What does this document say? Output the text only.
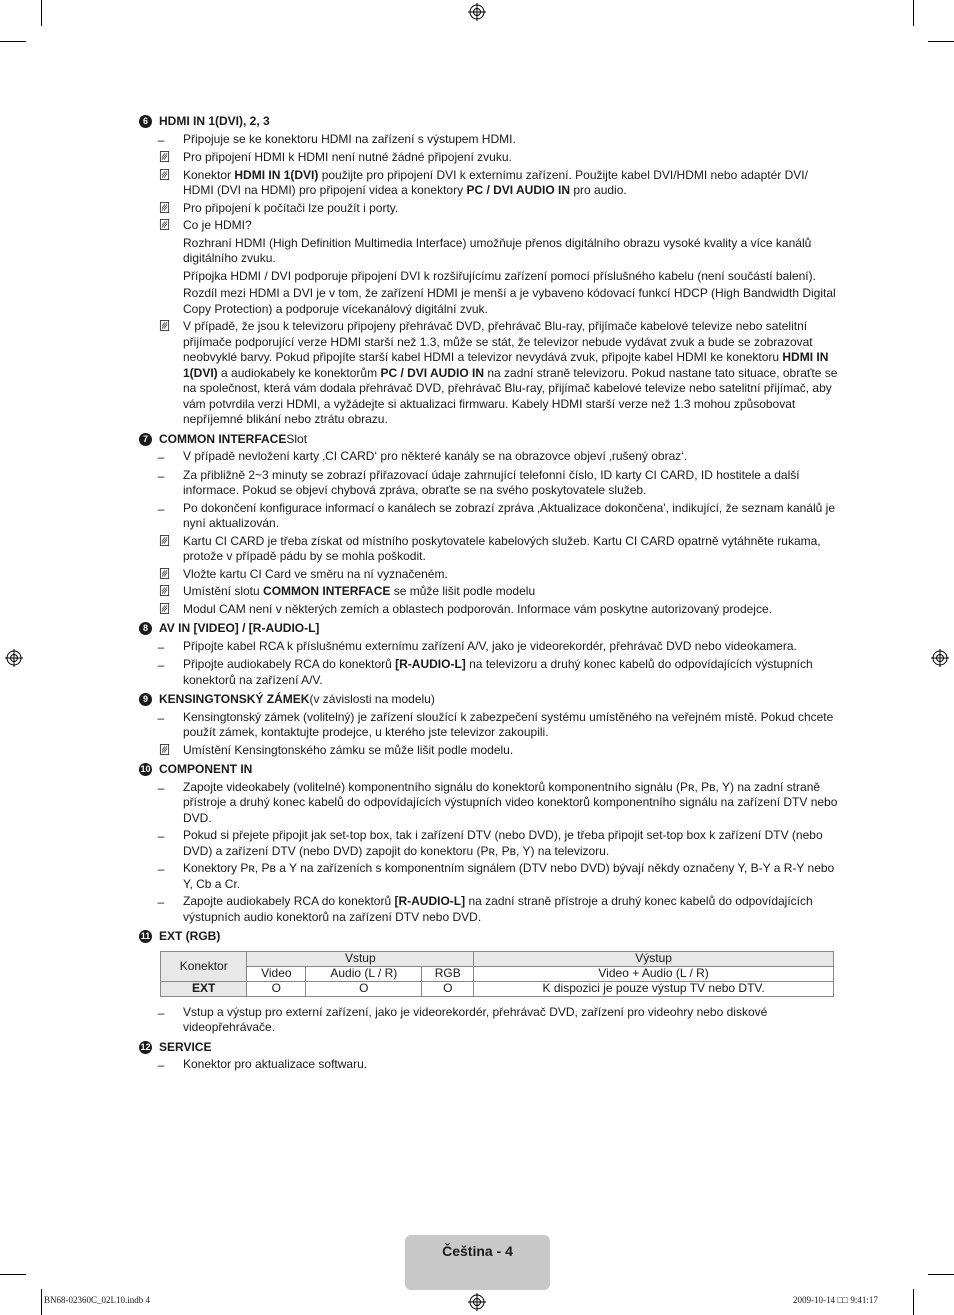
6 HDMI IN 1(DVI), 2, 3
–	Připojuje se ke konektoru HDMI na zařízení s výstupem HDMI.
Pro připojení HDMI k HDMI není nutné žádné připojení zvuku.
Konektor HDMI IN 1(DVI) použijte pro připojení DVI k externímu zařízení. Použijte kabel DVI/HDMI nebo adaptér DVI/ HDMI (DVI na HDMI) pro připojení videa a konektory PC / DVI AUDIO IN pro audio.
Pro připojení k počítači lze použít i porty.
Co je HDMI?
Rozhraní HDMI (High Definition Multimedia Interface) umožňuje přenos digitálního obrazu vysoké kvality a více kanálů digitálního zvuku.
Přípojka HDMI / DVI podporuje připojení DVI k rozšiřujícímu zařízení pomocí příslušného kabelu (není součástí balení).
Rozdíl mezi HDMI a DVI je v tom, že zařízení HDMI je menší a je vybaveno kódovací funkcí HDCP (High Bandwidth Digital Copy Protection) a podporuje vícekanálový digitální zvuk.
V případě, že jsou k televizoru připojeny přehrávač DVD, přehrávač Blu-ray, přijímače kabelové televize nebo satelitní přijímače podporující verze HDMI starší než 1.3, může se stát, že televizor nebude vydávat zvuk a bude se zobrazovat neobvyklé barvy. Pokud připojíte starší kabel HDMI a televizor nevydává zvuk, připojte kabel HDMI ke konektoru HDMI IN 1(DVI) a audiokabely ke konektorům PC / DVI AUDIO IN na zadní straně televizoru. Pokud nastane tato situace, obraťte se na společnost, která vám dodala přehrávač DVD, přehrávač Blu-ray, přijímač kabelové televize nebo satelitní přijímač, aby vám potvrdila verzi HDMI, a vyžádejte si aktualizaci firmwaru. Kabely HDMI starší verze než 1.3 mohou způsobovat nepříjemné blikání nebo ztrátu obrazu.
7 COMMON INTERFACE Slot
–	V případě nevložení karty ‚CI CARD‘ pro některé kanály se na obrazovce objeví ‚rušený obraz‘.
–	Za přibližně 2~3 minuty se zobrazí přiřazovací údaje zahrnující telefonní číslo, ID karty CI CARD, ID hostitele a další informace. Pokud se objeví chybová zpráva, obraťte se na svého poskytovatele služeb.
–	Po dokončení konfigurace informací o kanálech se zobrazí zpráva ‚Aktualizace dokončena', indikující, že seznam kanálů je nyní aktualizován.
Kartu CI CARD je třeba získat od místního poskytovatele kabelových služeb. Kartu CI CARD opatrně vytáhněte rukama, protože v případě pádu by se mohla poškodit.
Vložte kartu CI Card ve směru na ní vyznačeném.
Umístění slotu COMMON INTERFACE se může lišit podle modelu
Modul CAM není v některých zemích a oblastech podporován. Informace vám poskytne autorizovaný prodejce.
8 AV IN [VIDEO] / [R-AUDIO-L]
–	Připojte kabel RCA k příslušnému externímu zařízení A/V, jako je videorekordér, přehrávač DVD nebo videokamera.
–	Připojte audiokabely RCA do konektorů [R-AUDIO-L] na televizoru a druhý konec kabelů do odpovídajících výstupních konektorů na zařízení A/V.
9 KENSINGTONSKÝ ZÁMEK (v závislosti na modelu)
–	Kensingtonský zámek (volitelný) je zařízení sloužící k zabezpečení systému umístěného na veřejném místě. Pokud chcete použít zámek, kontaktujte prodejce, u kterého jste televizor zakoupili.
Umístění Kensingtonského zámku se může lišit podle modelu.
10 COMPONENT IN
–	Zapojte videokabely (volitelné) komponentního signálu do konektorů komponentního signálu (Pʀ, Pʙ, Y) na zadní straně přístroje a druhý konec kabelů do odpovídajících výstupních video konektorů komponentního signálu na zařízení DTV nebo DVD.
–	Pokud si přejete připojit jak set-top box, tak i zařízení DTV (nebo DVD), je třeba připojit set-top box k zařízení DTV (nebo DVD) a zařízení DTV (nebo DVD) zapojit do konektoru (Pʀ, Pʙ, Y) na televizoru.
–	Konektory Pʀ, Pʙ a Y na zařízeních s komponentním signálem (DTV nebo DVD) bývají někdy označeny Y, B-Y a R-Y nebo Y, Cb a Cr.
–	Zapojte audiokabely RCA do konektorů [R-AUDIO-L] na zadní straně přístroje a druhý konec kabelů do odpovídajících výstupních audio konektorů na zařízení DTV nebo DVD.
11 EXT (RGB)
Konektor	Vstup			Výstup
	Video	Audio (L / R)	RGB	Video + Audio (L / R)
EXT	O	O	O	K dispozici je pouze výstup TV nebo DTV.
–	Vstup a výstup pro externí zařízení, jako je videorekordér, přehrávač DVD, zařízení pro videohry nebo diskové videopřehrávače.
12 SERVICE
–	Konektor pro aktualizace softwaru.
Čeština - 4
BN68-02360C_02L10.indb 4	2009-10-14 □□ 9:41:17
